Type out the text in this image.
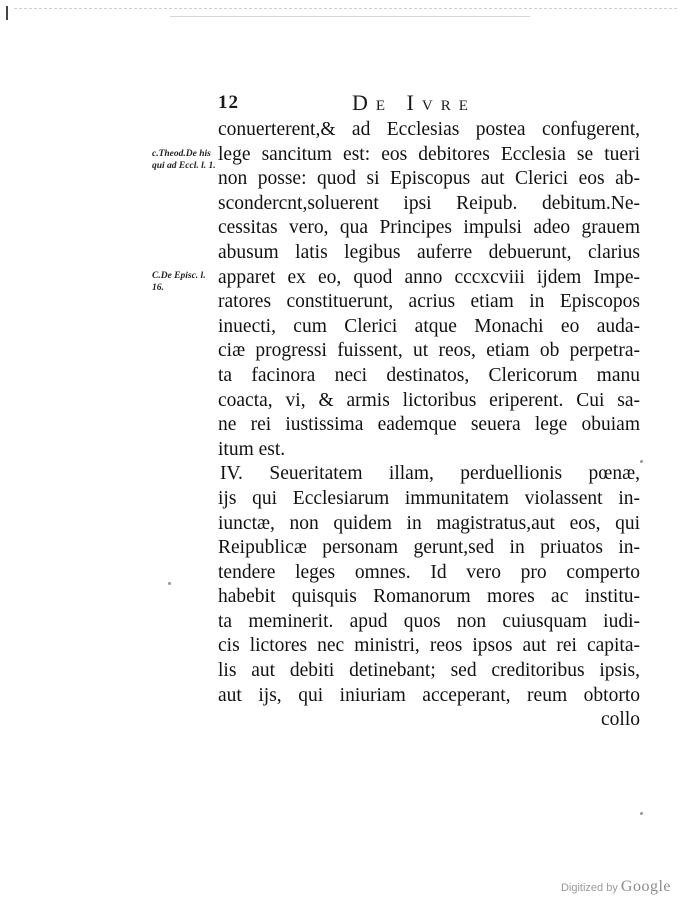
12	De Ivre
c.Theod.De his qui ad Eccl. l. 1.
C.De Episc. l. 16.
conuerterent,& ad Ecclesias postea confugerent,
lege sancitum est: eos debitores Ecclesia se tueri
non posse: quod si Episcopus aut Clerici eos ab-
scondercnt,soluerent ipsi Reipub. debitum.Ne-
cessitas vero, qua Principes impulsi adeo grauem
abusum latis legibus auferre debuerunt, clarius
apparet ex eo, quod anno cccxcviii ijdem Impe-
ratores constituerunt, acrius etiam in Episcopos
inuecti, cum Clerici atque Monachi eo auda-
ciæ progressi fuissent, ut reos, etiam ob perpetra-
ta facinora neci destinatos, Clericorum manu
coacta, vi, & armis lictoribus eriperent. Cui sa-
ne rei iustissima eademque seuera lege obuiam
itum est.
IV. Seueritatem illam, perduellionis pœnæ,
ijs qui Ecclesiarum immunitatem violassent in-
iunctæ, non quidem in magistratus,aut eos, qui
Reipublicæ personam gerunt,sed in priuatos in-
tendere leges omnes. Id vero pro comperto
habebit quisquis Romanorum mores ac institu-
ta meminerit. apud quos non cuiusquam iudi-
cis lictores nec ministri, reos ipsos aut rei capita-
lis aut debiti detinebant; sed creditoribus ipsis,
aut ijs, qui iniuriam acceperant, reum obtorto
collo
Digitized by Google
